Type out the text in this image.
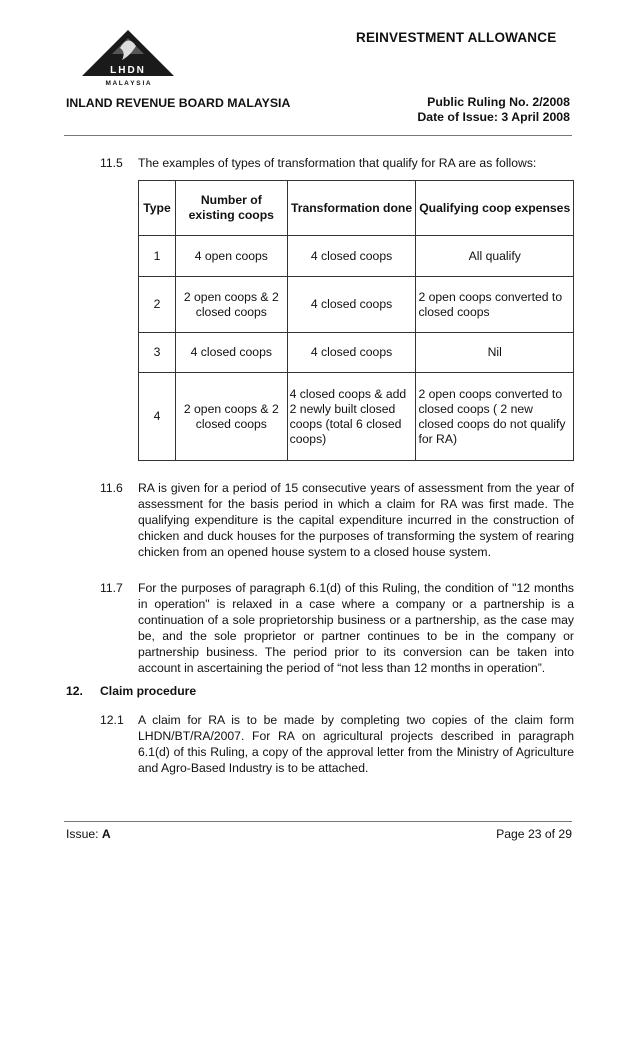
REINVESTMENT ALLOWANCE
LHDN
M A L A Y S I A
INLAND REVENUE BOARD MALAYSIA	Public Ruling No. 2/2008
Date of Issue: 3 April 2008
11.5 The examples of types of transformation that qualify for RA are as follows:
Type	Number of existing coops	Transformation done	Qualifying coop expenses
1	4 open coops	4 closed coops	All qualify
2	2 open coops & 2 closed coops	4 closed coops	2 open coops converted to closed coops
3	4 closed coops	4 closed coops	Nil
4	2 open coops & 2 closed coops	4 closed coops & add 2 newly built closed coops (total 6 closed coops)	2 open coops converted to closed coops ( 2 new closed coops do not qualify for RA)
11.6 RA is given for a period of 15 consecutive years of assessment from the year of assessment for the basis period in which a claim for RA was first made. The qualifying expenditure is the capital expenditure incurred in the construction of chicken and duck houses for the purposes of transforming the system of rearing chicken from an opened house system to a closed house system.
11.7 For the purposes of paragraph 6.1(d) of this Ruling, the condition of "12 months in operation" is relaxed in a case where a company or a partnership is a continuation of a sole proprietorship business or a partnership, as the case may be, and the sole proprietor or partner continues to be in the company or partnership business. The period prior to its conversion can be taken into account in ascertaining the period of “not less than 12 months in operation”.
12. Claim procedure
12.1 A claim for RA is to be made by completing two copies of the claim form LHDN/BT/RA/2007. For RA on agricultural projects described in paragraph 6.1(d) of this Ruling, a copy of the approval letter from the Ministry of Agriculture and Agro-Based Industry is to be attached.
Issue: A	Page 23 of 29
